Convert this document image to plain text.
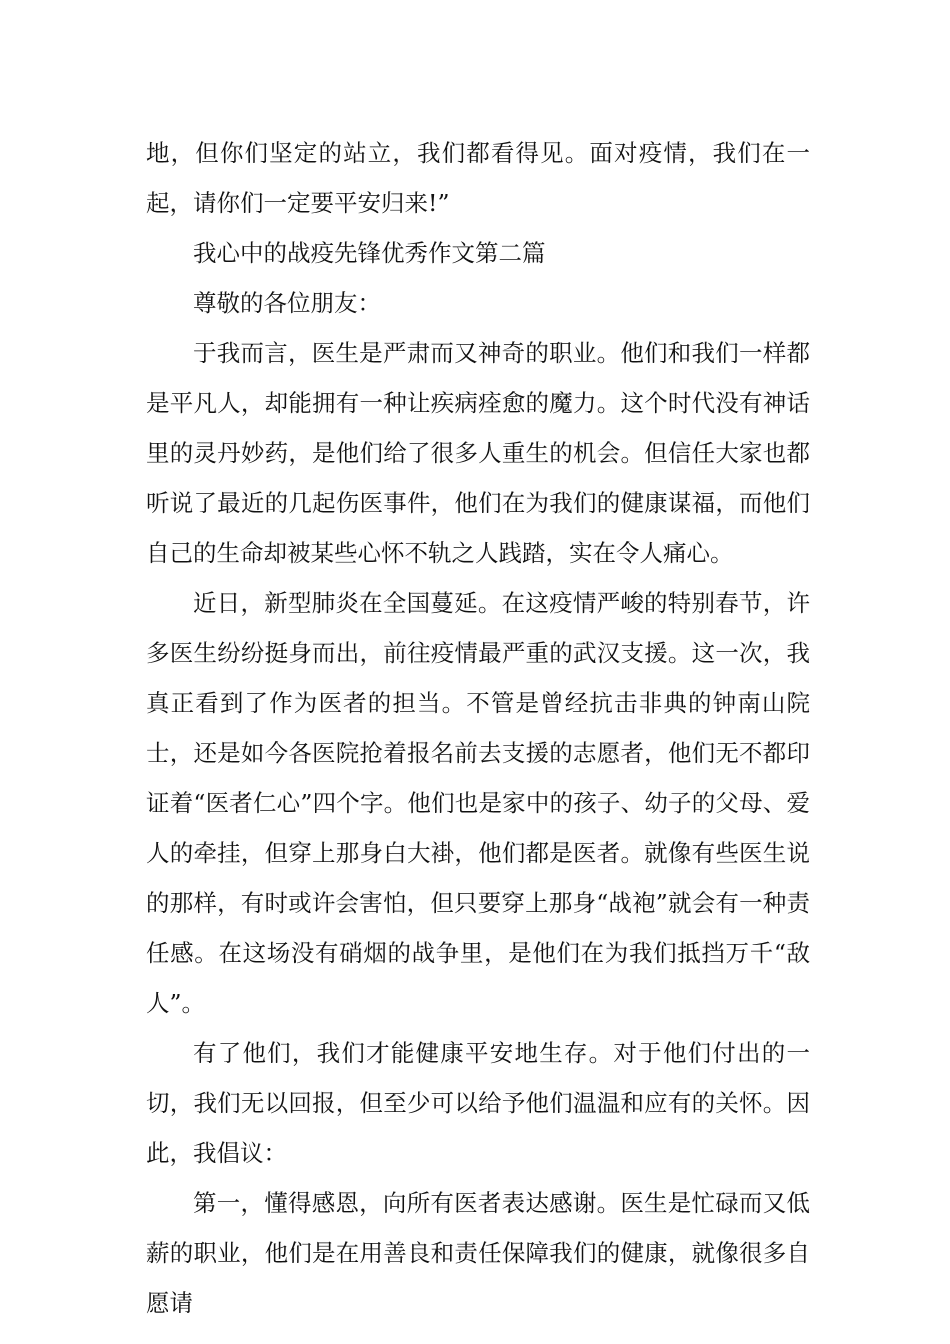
地，但你们坚定的站立，我们都看得见。面对疫情，我们在一起，请你们一定要平安归来!”

我心中的战疫先锋优秀作文第二篇

尊敬的各位朋友：

于我而言，医生是严肃而又神奇的职业。他们和我们一样都是平凡人，却能拥有一种让疾病痊愈的魔力。这个时代没有神话里的灵丹妙药，是他们给了很多人重生的机会。但信任大家也都听说了最近的几起伤医事件，他们在为我们的健康谋福，而他们自己的生命却被某些心怀不轨之人践踏，实在令人痛心。

近日，新型肺炎在全国蔓延。在这疫情严峻的特别春节，许多医生纷纷挺身而出，前往疫情最严重的武汉支援。这一次，我真正看到了作为医者的担当。不管是曾经抗击非典的钟南山院士，还是如今各医院抢着报名前去支援的志愿者，他们无不都印证着“医者仁心”四个字。他们也是家中的孩子、幼子的父母、爱人的牵挂，但穿上那身白大褂，他们都是医者。就像有些医生说的那样，有时或许会害怕，但只要穿上那身“战袍”就会有一种责任感。在这场没有硝烟的战争里，是他们在为我们抵挡万千“敌人”。

有了他们，我们才能健康平安地生存。对于他们付出的一切，我们无以回报，但至少可以给予他们温温和应有的关怀。因此，我倡议：

第一，懂得感恩，向所有医者表达感谢。医生是忙碌而又低薪的职业，他们是在用善良和责任保障我们的健康，就像很多自愿请
